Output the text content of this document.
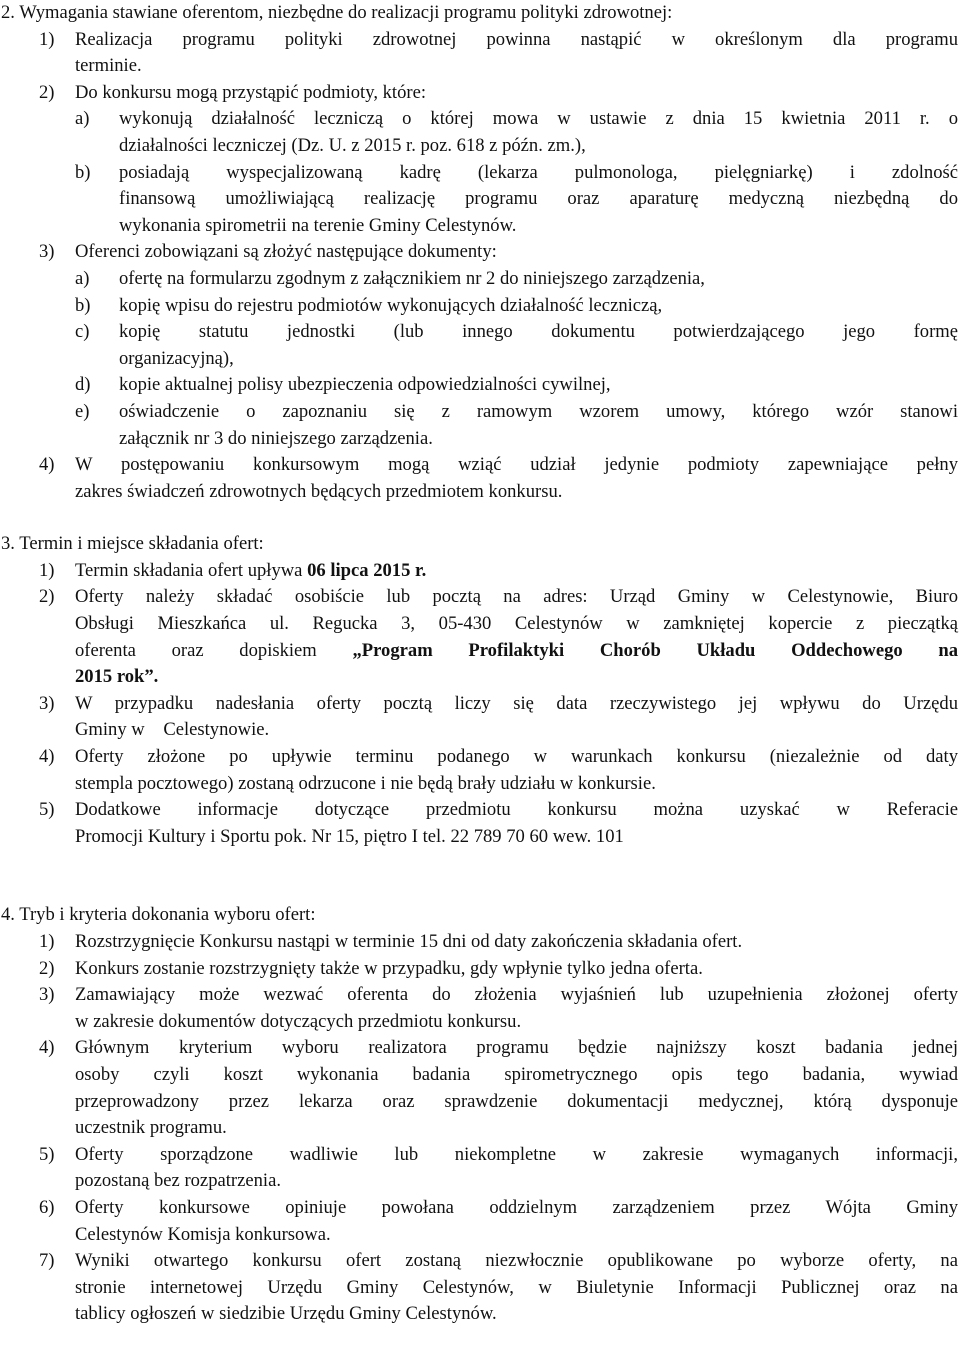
2. Wymagania stawiane oferentom, niezbędne do realizacji programu polityki zdrowotnej:
1) Realizacja programu polityki zdrowotnej powinna nastąpić w określonym dla programu
terminie.
2) Do konkursu mogą przystąpić podmioty, które:
a) wykonują działalność leczniczą o której mowa w ustawie z dnia 15 kwietnia 2011 r. o
działalności leczniczej (Dz. U. z 2015 r. poz. 618 z późn. zm.),
b) posiadają wyspecjalizowaną kadrę (lekarza pulmonologa, pielęgniarkę) i zdolność
finansową umożliwiającą realizację programu oraz aparaturę medyczną niezbędną do
wykonania spirometrii na terenie Gminy Celestynów.
3) Oferenci zobowiązani są złożyć następujące dokumenty:
a) ofertę na formularzu zgodnym z załącznikiem nr 2 do niniejszego zarządzenia,
b) kopię wpisu do rejestru podmiotów wykonujących działalność leczniczą,
c) kopię statutu jednostki (lub innego dokumentu potwierdzającego jego formę
organizacyjną),
d) kopie aktualnej polisy ubezpieczenia odpowiedzialności cywilnej,
e) oświadczenie o zapoznaniu się z ramowym wzorem umowy, którego wzór stanowi
załącznik nr 3 do niniejszego zarządzenia.
4) W postępowaniu konkursowym mogą wziąć udział jedynie podmioty zapewniające pełny
zakres świadczeń zdrowotnych będących przedmiotem konkursu.
3. Termin i miejsce składania ofert:
1) Termin składania ofert upływa 06 lipca 2015 r.
2) Oferty należy składać osobiście lub pocztą na adres: Urząd Gminy w Celestynowie, Biuro
Obsługi Mieszkańca ul. Regucka 3, 05-430 Celestynów w zamkniętej kopercie z pieczątką
oferenta oraz dopiskiem „Program Profilaktyki Chorób Układu Oddechowego na
2015 rok”.
3) W przypadku nadesłania oferty pocztą liczy się data rzeczywistego jej wpływu do Urzędu
Gminy w    Celestynowie.
4) Oferty złożone po upływie terminu podanego w warunkach konkursu (niezależnie od daty
stempla pocztowego) zostaną odrzucone i nie będą brały udziału w konkursie.
5) Dodatkowe informacje dotyczące przedmiotu konkursu można uzyskać w Referacie
Promocji Kultury i Sportu pok. Nr 15, piętro I tel. 22 789 70 60 wew. 101
4. Tryb i kryteria dokonania wyboru ofert:
1) Rozstrzygnięcie Konkursu nastąpi w terminie 15 dni od daty zakończenia składania ofert.
2) Konkurs zostanie rozstrzygnięty także w przypadku, gdy wpłynie tylko jedna oferta.
3) Zamawiający może wezwać oferenta do złożenia wyjaśnień lub uzupełnienia złożonej oferty
w zakresie dokumentów dotyczących przedmiotu konkursu.
4) Głównym kryterium wyboru realizatora programu będzie najniższy koszt badania jednej
osoby czyli koszt wykonania badania spirometrycznego opis tego badania, wywiad
przeprowadzony przez lekarza oraz sprawdzenie dokumentacji medycznej, którą dysponuje
uczestnik programu.
5) Oferty sporządzone wadliwie lub niekompletne w zakresie wymaganych informacji,
pozostaną bez rozpatrzenia.
6) Oferty konkursowe opiniuje powołana oddzielnym zarządzeniem przez Wójta Gminy
Celestynów Komisja konkursowa.
7) Wyniki otwartego konkursu ofert zostaną niezwłocznie opublikowane po wyborze oferty, na
stronie internetowej Urzędu Gminy Celestynów, w Biuletynie Informacji Publicznej oraz na
tablicy ogłoszeń w siedzibie Urzędu Gminy Celestynów.
